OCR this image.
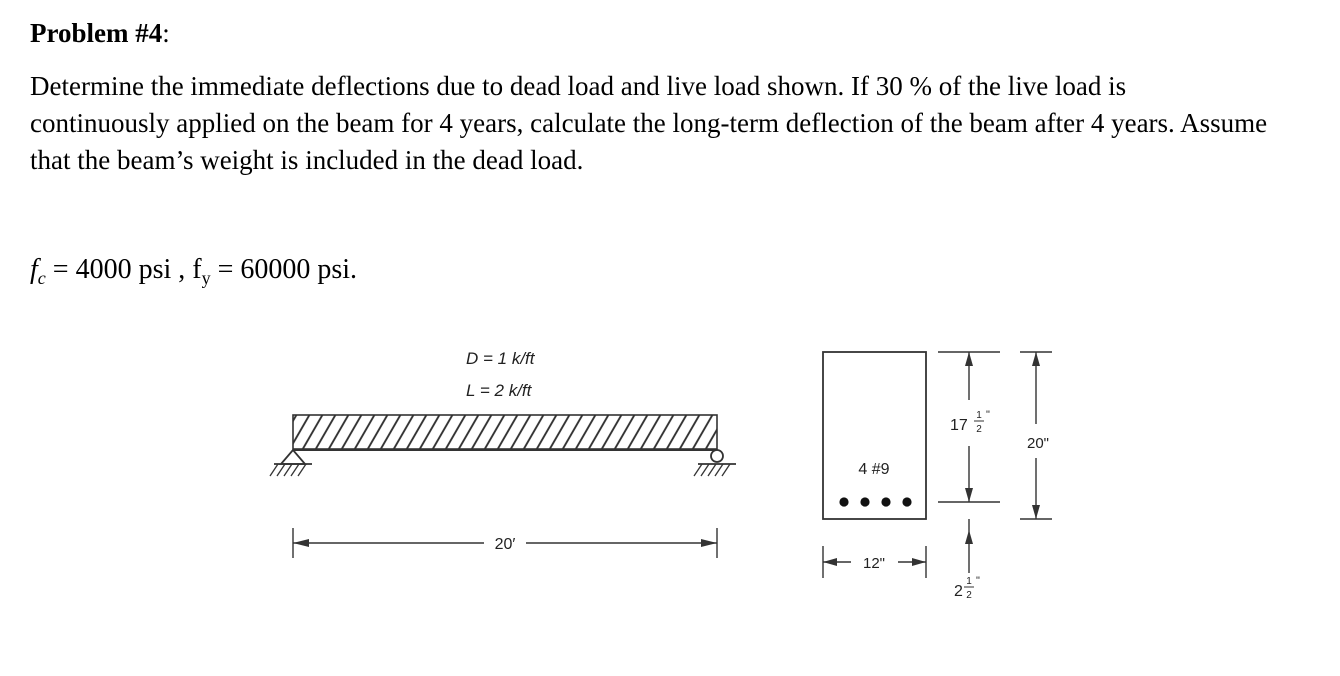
Problem #4:
Determine the immediate deflections due to dead load and live load shown. If 30 % of the live load is continuously applied on the beam for 4 years, calculate the long-term deflection of the beam after 4 years. Assume that the beam’s weight is included in the dead load.
$f_c = 4000$ psi , $f_y = 60000$ psi.
D = 1 k/ft
L = 2 k/ft
20′
4 #9
12"
17
1
2
"
20"
2
1
2
"
